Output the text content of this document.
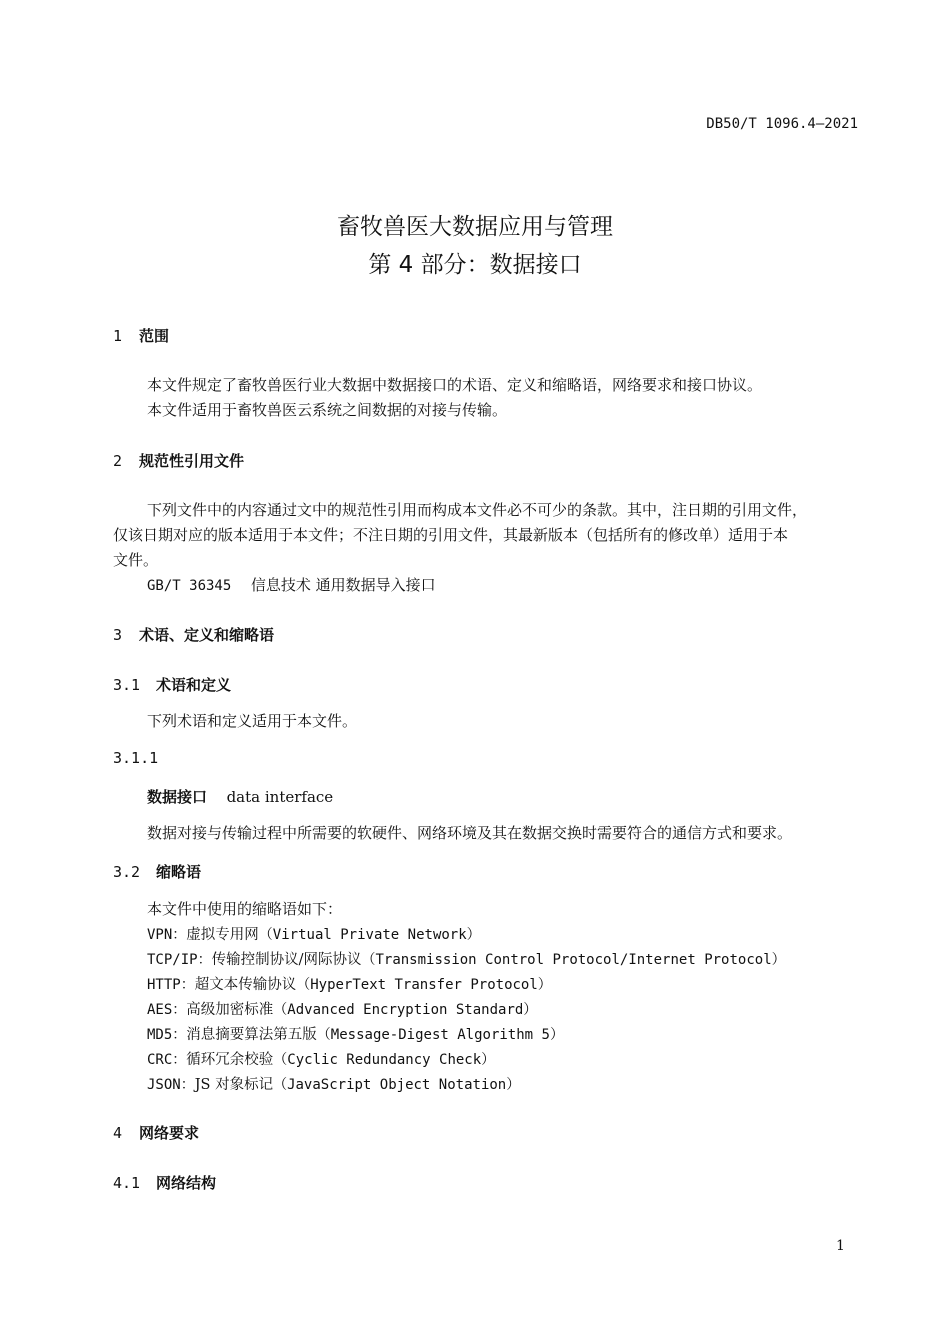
DB50/T 1096.4—2021
畜牧兽医大数据应用与管理
第 4 部分：数据接口
1 范围
本文件规定了畜牧兽医行业大数据中数据接口的术语、定义和缩略语，网络要求和接口协议。
本文件适用于畜牧兽医云系统之间数据的对接与传输。
2 规范性引用文件
下列文件中的内容通过文中的规范性引用而构成本文件必不可少的条款。其中，注日期的引用文件，
仅该日期对应的版本适用于本文件；不注日期的引用文件，其最新版本（包括所有的修改单）适用于本
文件。
GB/T 36345 信息技术 通用数据导入接口
3 术语、定义和缩略语
3.1 术语和定义
下列术语和定义适用于本文件。
3.1.1
数据接口 data interface
数据对接与传输过程中所需要的软硬件、网络环境及其在数据交换时需要符合的通信方式和要求。
3.2 缩略语
本文件中使用的缩略语如下：
VPN：虚拟专用网（Virtual Private Network）
TCP/IP：传输控制协议/网际协议（Transmission Control Protocol/Internet Protocol）
HTTP：超文本传输协议（HyperText Transfer Protocol）
AES：高级加密标准（Advanced Encryption Standard）
MD5：消息摘要算法第五版（Message-Digest Algorithm 5）
CRC：循环冗余校验（Cyclic Redundancy Check）
JSON：JS 对象标记（JavaScript Object Notation）
4 网络要求
4.1 网络结构
1
